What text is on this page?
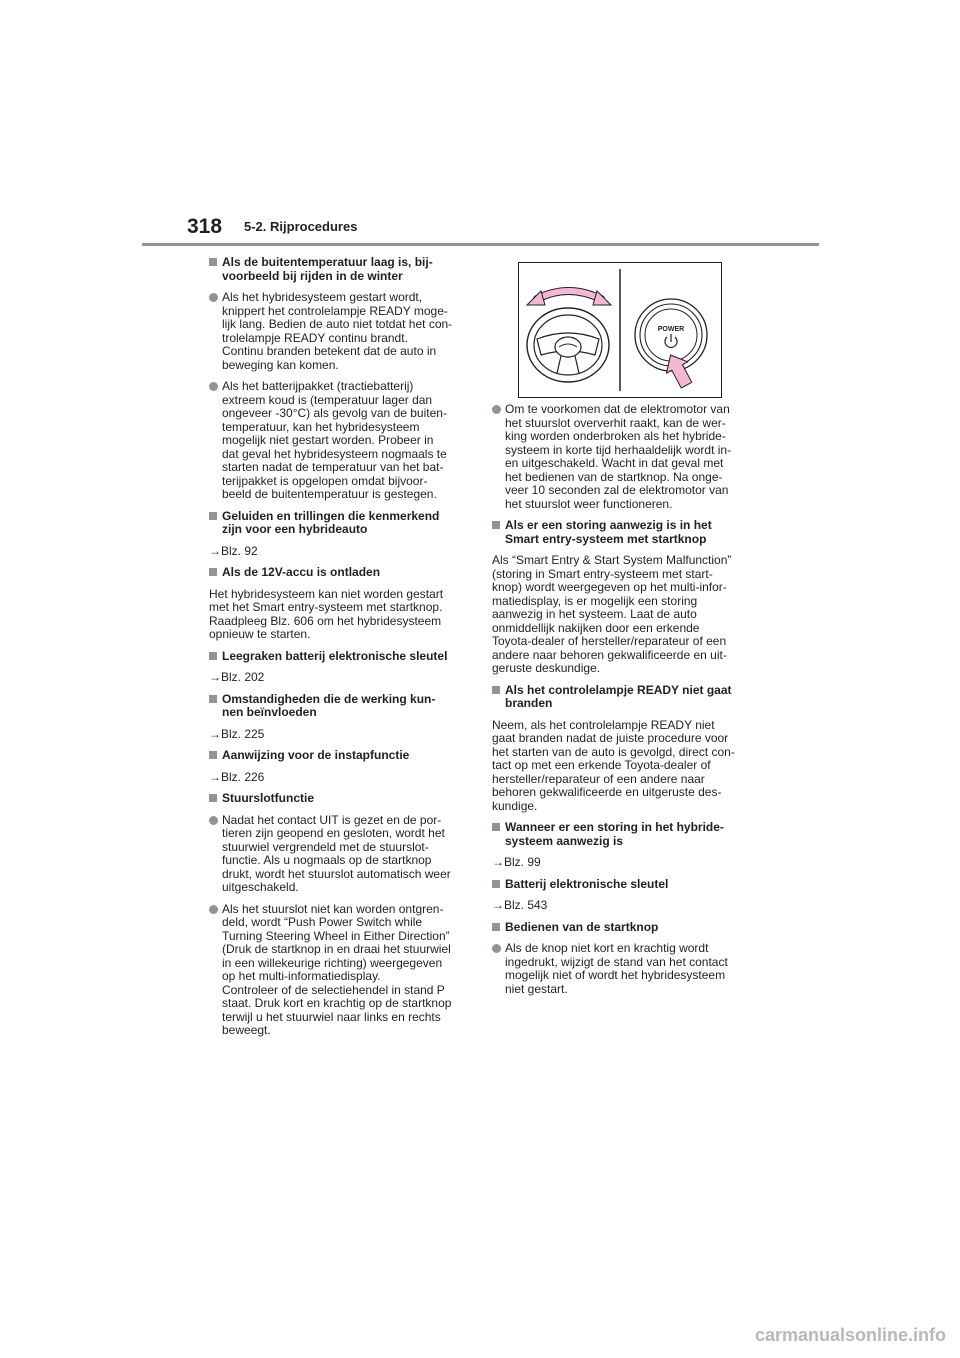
318 5-2. Rijprocedures
Als de buitentemperatuur laag is, bij-
voorbeeld bij rijden in de winter
Als het hybridesysteem gestart wordt,
knippert het controlelampje READY moge-
lijk lang. Bedien de auto niet totdat het con-
trolelampje READY continu brandt.
Continu branden betekent dat de auto in
beweging kan komen.
Als het batterijpakket (tractiebatterij)
extreem koud is (temperatuur lager dan
ongeveer -30°C) als gevolg van de buiten-
temperatuur, kan het hybridesysteem
mogelijk niet gestart worden. Probeer in
dat geval het hybridesysteem nogmaals te
starten nadat de temperatuur van het bat-
terijpakket is opgelopen omdat bijvoor-
beeld de buitentemperatuur is gestegen.
Geluiden en trillingen die kenmerkend
zijn voor een hybrideauto
→Blz. 92
Als de 12V-accu is ontladen
Het hybridesysteem kan niet worden gestart
met het Smart entry-systeem met startknop.
Raadpleeg Blz. 606 om het hybridesysteem
opnieuw te starten.
Leegraken batterij elektronische sleutel
→Blz. 202
Omstandigheden die de werking kun-
nen beïnvloeden
→Blz. 225
Aanwijzing voor de instapfunctie
→Blz. 226
Stuurslotfunctie
Nadat het contact UIT is gezet en de por-
tieren zijn geopend en gesloten, wordt het
stuurwiel vergrendeld met de stuurslot-
functie. Als u nogmaals op de startknop
drukt, wordt het stuurslot automatisch weer
uitgeschakeld.
Als het stuurslot niet kan worden ontgren-
deld, wordt “Push Power Switch while
Turning Steering Wheel in Either Direction”
(Druk de startknop in en draai het stuurwiel
in een willekeurige richting) weergegeven
op het multi-informatiedisplay.
Controleer of de selectiehendel in stand P
staat. Druk kort en krachtig op de startknop
terwijl u het stuurwiel naar links en rechts
beweegt.
POWER
Om te voorkomen dat de elektromotor van
het stuurslot oververhit raakt, kan de wer-
king worden onderbroken als het hybride-
systeem in korte tijd herhaaldelijk wordt in-
en uitgeschakeld. Wacht in dat geval met
het bedienen van de startknop. Na onge-
veer 10 seconden zal de elektromotor van
het stuurslot weer functioneren.
Als er een storing aanwezig is in het
Smart entry-systeem met startknop
Als “Smart Entry & Start System Malfunction”
(storing in Smart entry-systeem met start-
knop) wordt weergegeven op het multi-infor-
matiedisplay, is er mogelijk een storing
aanwezig in het systeem. Laat de auto
onmiddellijk nakijken door een erkende
Toyota-dealer of hersteller/reparateur of een
andere naar behoren gekwalificeerde en uit-
geruste deskundige.
Als het controlelampje READY niet gaat
branden
Neem, als het controlelampje READY niet
gaat branden nadat de juiste procedure voor
het starten van de auto is gevolgd, direct con-
tact op met een erkende Toyota-dealer of
hersteller/reparateur of een andere naar
behoren gekwalificeerde en uitgeruste des-
kundige.
Wanneer er een storing in het hybride-
systeem aanwezig is
→Blz. 99
Batterij elektronische sleutel
→Blz. 543
Bedienen van de startknop
Als de knop niet kort en krachtig wordt
ingedrukt, wijzigt de stand van het contact
mogelijk niet of wordt het hybridesysteem
niet gestart.
carmanualsonline.info
